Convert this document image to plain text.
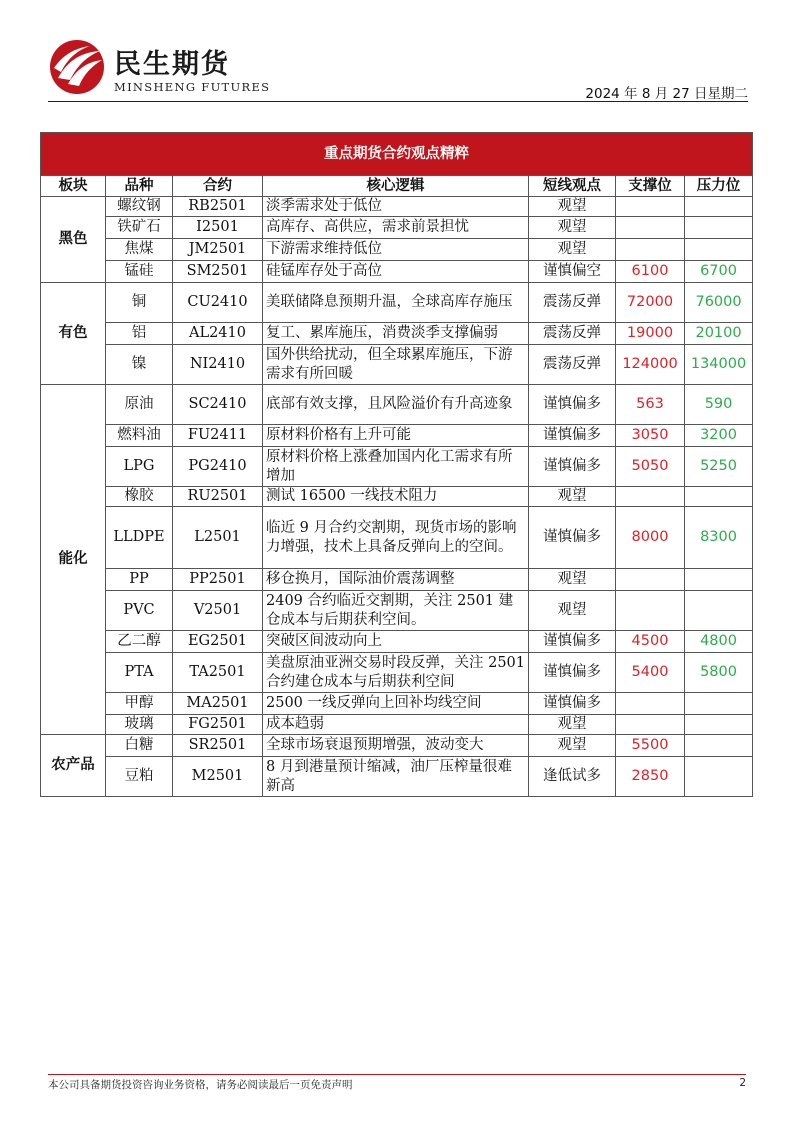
民生期货
MINSHENG FUTURES	2024 年 8 月 27 日星期二
重点期货合约观点精粹						
板块	品种	合约	核心逻辑	短线观点	支撑位	压力位
黑色	螺纹钢	RB2501	淡季需求处于低位	观望		
	铁矿石	I2501	高库存、高供应，需求前景担忧	观望		
	焦煤	JM2501	下游需求维持低位	观望		
	锰硅	SM2501	硅锰库存处于高位	谨慎偏空	6100	6700
有色	铜	CU2410	美联储降息预期升温，全球高库存施压	震荡反弹	72000	76000
	铝	AL2410	复工、累库施压，消费淡季支撑偏弱	震荡反弹	19000	20100
	镍	NI2410	国外供给扰动，但全球累库施压，下游需求有所回暖	震荡反弹	124000	134000
能化	原油	SC2410	底部有效支撑，且风险溢价有升高迹象	谨慎偏多	563	590
	燃料油	FU2411	原材料价格有上升可能	谨慎偏多	3050	3200
	LPG	PG2410	原材料价格上涨叠加国内化工需求有所增加	谨慎偏多	5050	5250
	橡胶	RU2501	测试 16500 一线技术阻力	观望		
	LLDPE	L2501	临近 9 月合约交割期，现货市场的影响力增强，技术上具备反弹向上的空间。	谨慎偏多	8000	8300
	PP	PP2501	移仓换月，国际油价震荡调整	观望		
	PVC	V2501	2409 合约临近交割期，关注 2501 建仓成本与后期获利空间。	观望		
	乙二醇	EG2501	突破区间波动向上	谨慎偏多	4500	4800
	PTA	TA2501	美盘原油亚洲交易时段反弹，关注 2501 合约建仓成本与后期获利空间	谨慎偏多	5400	5800
	甲醇	MA2501	2500 一线反弹向上回补均线空间	谨慎偏多		
	玻璃	FG2501	成本趋弱	观望		
农产品	白糖	SR2501	全球市场衰退预期增强，波动变大	观望	5500	
	豆粕	M2501	8 月到港量预计缩减，油厂压榨量很难新高	逢低试多	2850	
本公司具备期货投资咨询业务资格，请务必阅读最后一页免责声明	2
